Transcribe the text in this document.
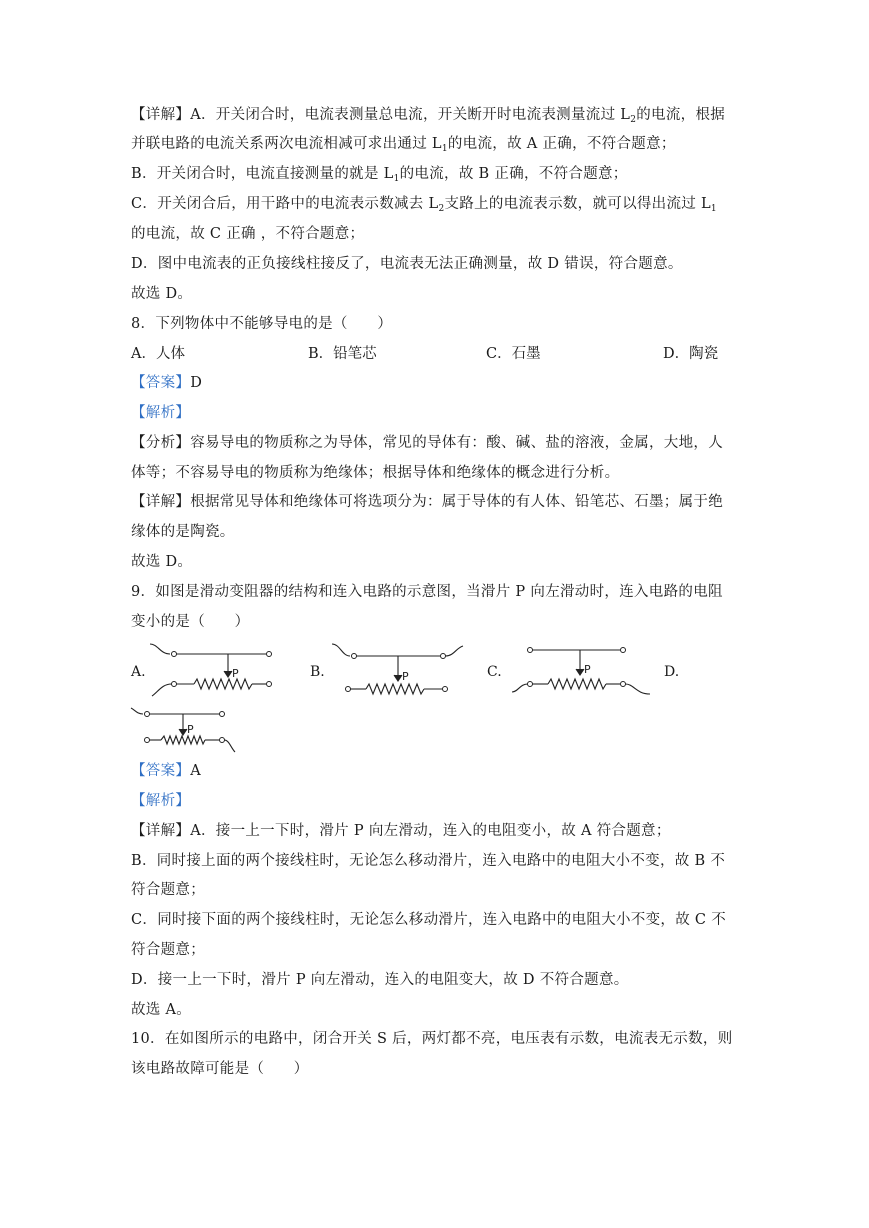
【详解】A．开关闭合时，电流表测量总电流，开关断开时电流表测量流过 $L_2$的电流，根据
并联电路的电流关系两次电流相减可求出通过 $L_1$的电流，故 A 正确，不符合题意；
B．开关闭合时，电流直接测量的就是 $L_1$的电流，故 B 正确，不符合题意；
C．开关闭合后，用干路中的电流表示数减去 $L_2$支路上的电流表示数，就可以得出流过 $L_1$
的电流，故 C 正确 ，不符合题意；
D．图中电流表的正负接线柱接反了，电流表无法正确测量，故 D 错误，符合题意。
故选 D。
8．下列物体中不能够导电的是（　　）
A．人体	B．铅笔芯	C．石墨	D．陶瓷
【答案】D
【解析】
【分析】容易导电的物质称之为导体，常见的导体有：酸、碱、盐的溶液，金属，大地，人
体等；不容易导电的物质称为绝缘体；根据导体和绝缘体的概念进行分析。
【详解】根据常见导体和绝缘体可将选项分为：属于导体的有人体、铅笔芯、石墨；属于绝
缘体的是陶瓷。
故选 D。
9．如图是滑动变阻器的结构和连入电路的示意图，当滑片 P 向左滑动时，连入电路的电阻
变小的是（　　）
A.	B.	C.	D.
P	P
P
P
【答案】A
【解析】
【详解】A．接一上一下时，滑片 P 向左滑动，连入的电阻变小，故 A 符合题意；
B．同时接上面的两个接线柱时，无论怎么移动滑片，连入电路中的电阻大小不变，故 B 不
符合题意；
C．同时接下面的两个接线柱时，无论怎么移动滑片，连入电路中的电阻大小不变，故 C 不
符合题意；
D．接一上一下时，滑片 P 向左滑动，连入的电阻变大，故 D 不符合题意。
故选 A。
10．在如图所示的电路中，闭合开关 S 后，两灯都不亮，电压表有示数，电流表无示数，则
该电路故障可能是（　　）
